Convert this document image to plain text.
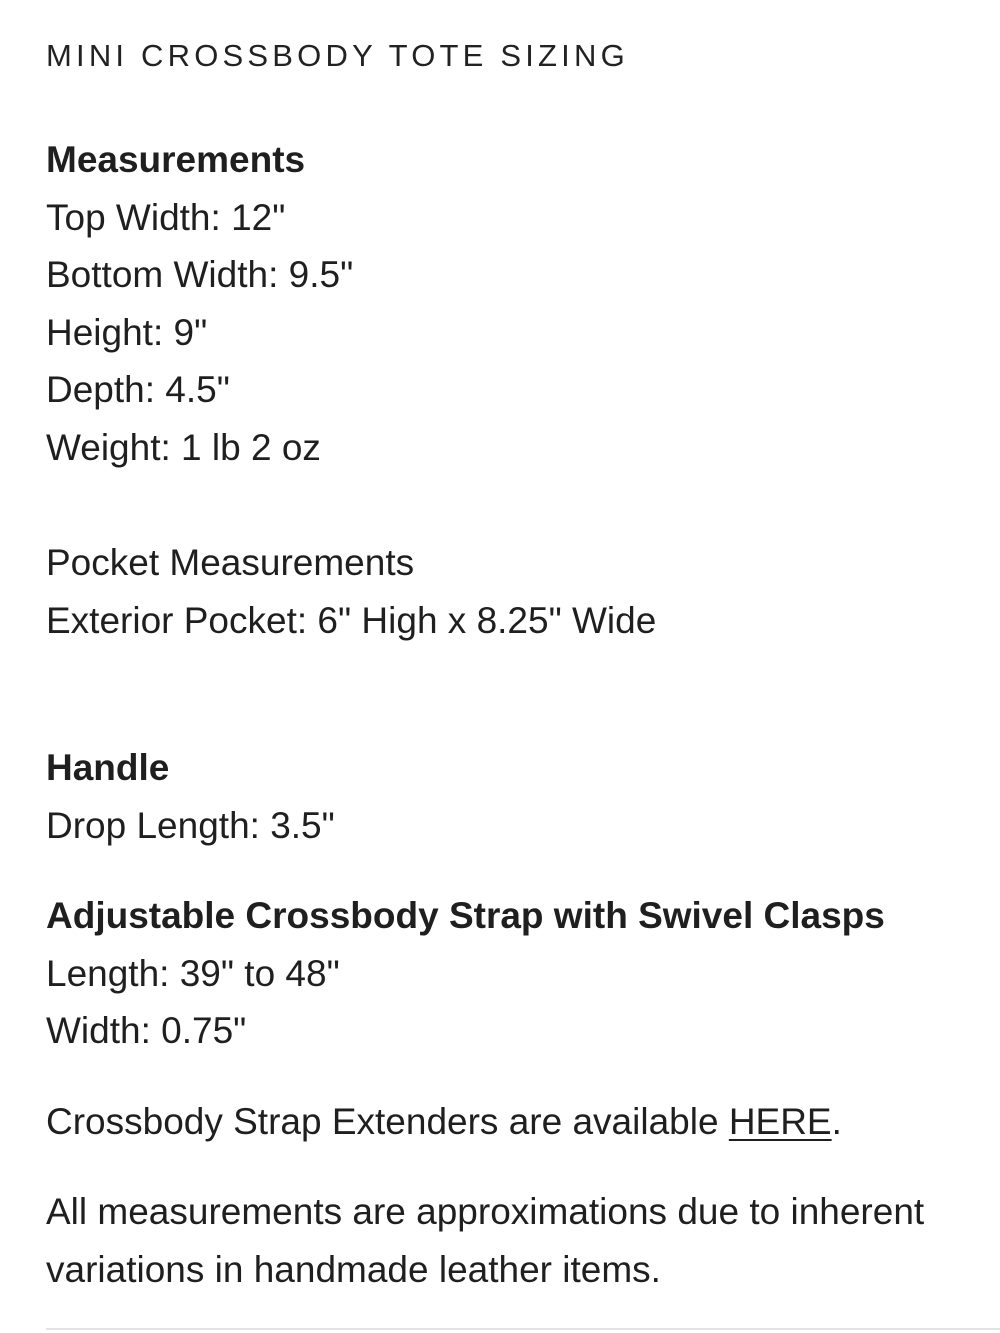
MINI CROSSBODY TOTE SIZING
Measurements
Top Width: 12"
Bottom Width: 9.5"
Height: 9"
Depth: 4.5"
Weight: 1 lb 2 oz
Pocket Measurements
Exterior Pocket: 6" High x 8.25" Wide
Handle
Drop Length: 3.5"
Adjustable Crossbody Strap with Swivel Clasps
Length: 39" to 48"
Width: 0.75"
Crossbody Strap Extenders are available HERE.
All measurements are approximations due to inherent
variations in handmade leather items.
